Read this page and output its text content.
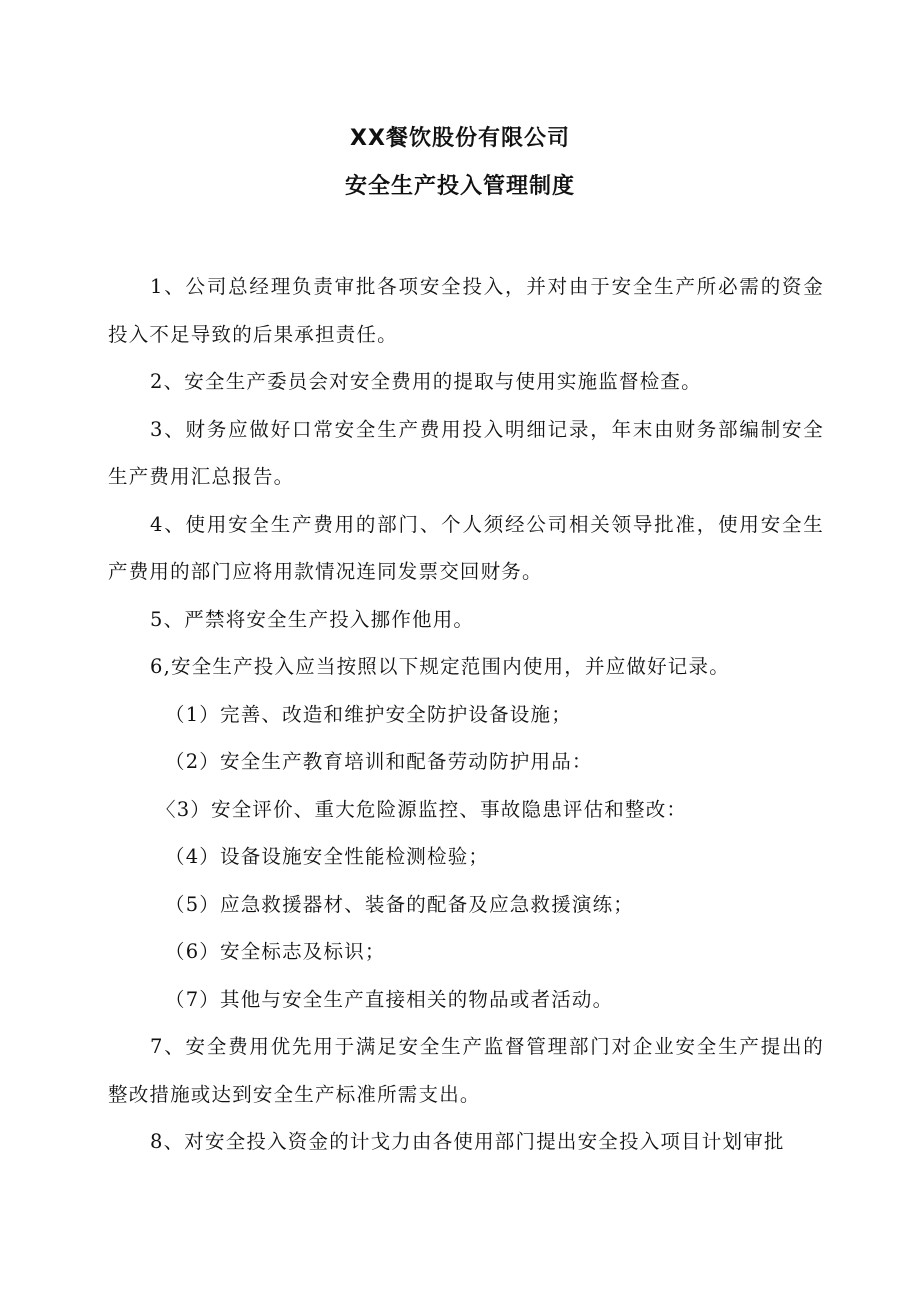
XX餐饮股份有限公司
安全生产投入管理制度

1、公司总经理负责审批各项安全投入，并对由于安全生产所必需的资金投入不足导致的后果承担责任。

2、安全生产委员会对安全费用的提取与使用实施监督检查。

3、财务应做好口常安全生产费用投入明细记录，年末由财务部编制安全生产费用汇总报告。

4、使用安全生产费用的部门、个人须经公司相关领导批准，使用安全生产费用的部门应将用款情况连同发票交回财务。

5、严禁将安全生产投入挪作他用。

6,安全生产投入应当按照以下规定范围内使用，并应做好记录。

（1）完善、改造和维护安全防护设备设施；

（2）安全生产教育培训和配备劳动防护用品：

〈3）安全评价、重大危险源监控、事故隐患评估和整改：

（4）设备设施安全性能检测检验；

（5）应急救援器材、装备的配备及应急救援演练；

（6）安全标志及标识；

（7）其他与安全生产直接相关的物品或者活动。

7、安全费用优先用于满足安全生产监督管理部门对企业安全生产提出的整改措施或达到安全生产标准所需支出。

8、对安全投入资金的计戈力由各使用部门提出安全投入项目计划审批
